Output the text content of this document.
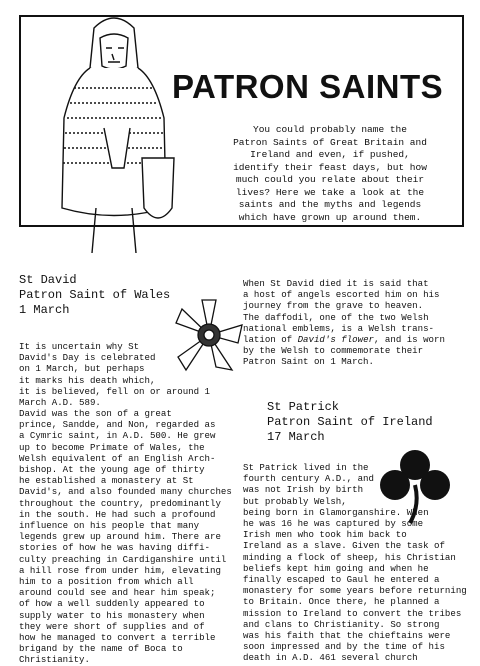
PATRON SAINTS
You could probably name the
Patron Saints of Great Britain and
Ireland and even, if pushed,
identify their feast days, but how
much could you relate about their
lives? Here we take a look at the
saints and the myths and legends
which have grown up around them.
St David
Patron Saint of Wales
1 March
It is uncertain why St
David's Day is celebrated
on 1 March, but perhaps
it marks his death which,
it is believed, fell on or around 1
March A.D. 589.
David was the son of a great
prince, Sandde, and Non, regarded as
a Cymric saint, in A.D. 500. He grew
up to become Primate of Wales, the
Welsh equivalent of an English Arch-
bishop. At the young age of thirty
he established a monastery at St
David's, and also founded many churches
throughout the country, predominantly
in the south. He had such a profound
influence on his people that many
legends grew up around him. There are
stories of how he was having diffi-
culty preaching in Cardiganshire until
a hill rose from under him, elevating
him to a position from which all
around could see and hear him speak;
of how a well suddenly appeared to
supply water to his monastery when
they were short of supplies and of
how he managed to convert a terrible
brigand by the name of Boca to
Christianity.
When St David died it is said that
a host of angels escorted him on his
journey from the grave to heaven.
The daffodil, one of the two Welsh
national emblems, is a Welsh trans-
lation of David's flower, and is worn
by the Welsh to commemorate their
Patron Saint on 1 March.
St Patrick
Patron Saint of Ireland
17 March
St Patrick lived in the
fourth century A.D., and
was not Irish by birth
but probably Welsh,
being born in Glamorganshire. When
he was 16 he was captured by some
Irish men who took him back to
Ireland as a slave. Given the task of
minding a flock of sheep, his Christian
beliefs kept him going and when he
finally escaped to Gaul he entered a
monastery for some years before returning
to Britain. Once there, he planned a
mission to Ireland to convert the tribes
and clans to Christianity. So strong
was his faith that the chieftains were
soon impressed and by the time of his
death in A.D. 461 several church
